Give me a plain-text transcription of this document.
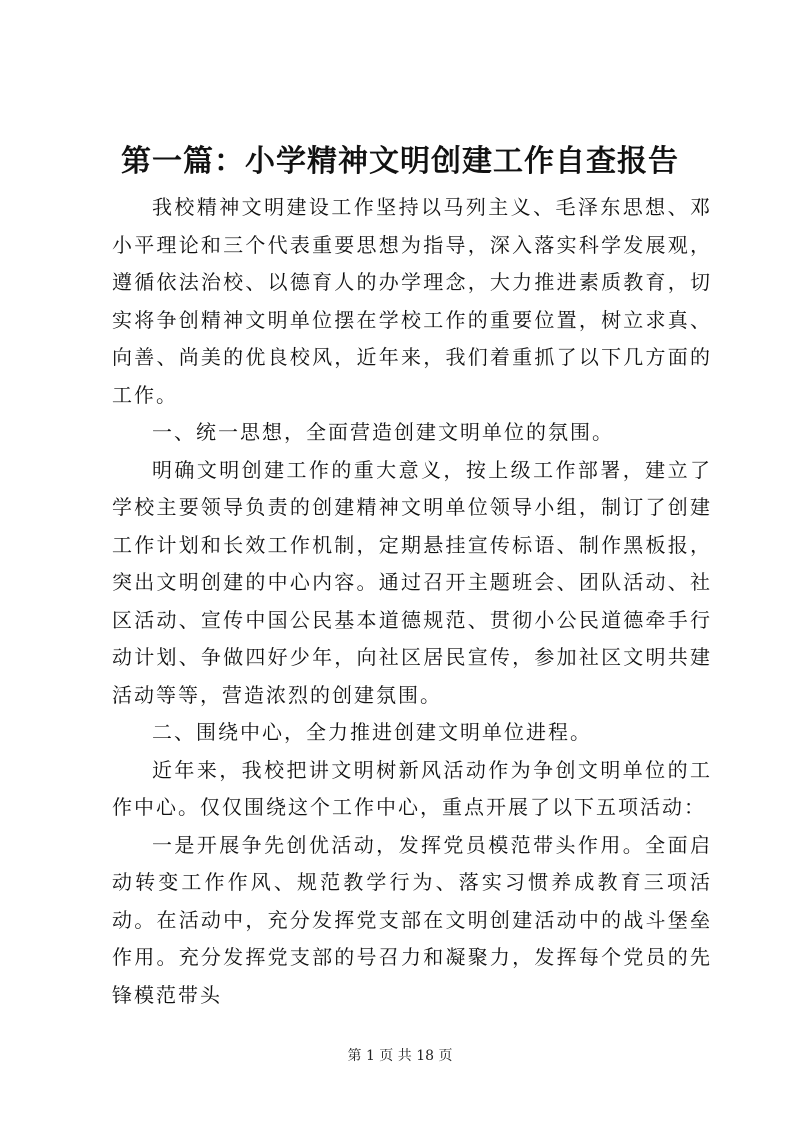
第一篇：小学精神文明创建工作自查报告

我校精神文明建设工作坚持以马列主义、毛泽东思想、邓小平理论和三个代表重要思想为指导，深入落实科学发展观，遵循依法治校、以德育人的办学理念，大力推进素质教育，切实将争创精神文明单位摆在学校工作的重要位置，树立求真、向善、尚美的优良校风，近年来，我们着重抓了以下几方面的工作。

一、统一思想，全面营造创建文明单位的氛围。

明确文明创建工作的重大意义，按上级工作部署，建立了学校主要领导负责的创建精神文明单位领导小组，制订了创建工作计划和长效工作机制，定期悬挂宣传标语、制作黑板报，突出文明创建的中心内容。通过召开主题班会、团队活动、社区活动、宣传中国公民基本道德规范、贯彻小公民道德牵手行动计划、争做四好少年，向社区居民宣传，参加社区文明共建活动等等，营造浓烈的创建氛围。

二、围绕中心，全力推进创建文明单位进程。

近年来，我校把讲文明树新风活动作为争创文明单位的工作中心。仅仅围绕这个工作中心，重点开展了以下五项活动：

一是开展争先创优活动，发挥党员模范带头作用。全面启动转变工作作风、规范教学行为、落实习惯养成教育三项活动。在活动中，充分发挥党支部在文明创建活动中的战斗堡垒作用。充分发挥党支部的号召力和凝聚力，发挥每个党员的先锋模范带头

第 1 页 共 18 页
